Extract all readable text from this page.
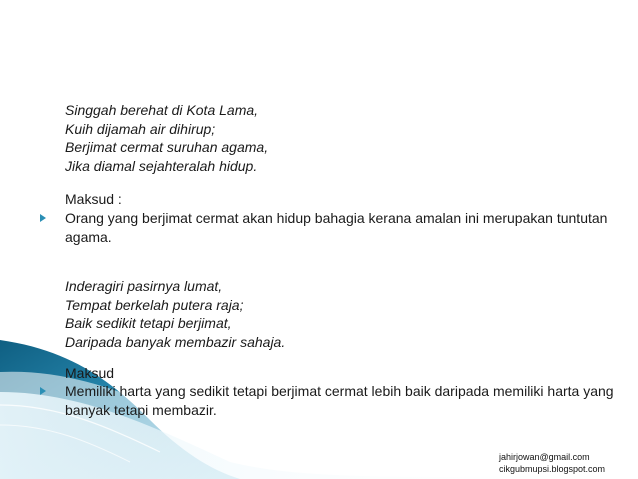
Singgah berehat di Kota Lama,
Kuih dijamah air dihirup;
Berjimat cermat suruhan agama,
Jika diamal sejahteralah hidup.
Maksud :
Orang yang berjimat cermat akan hidup bahagia kerana amalan ini merupakan tuntutan agama.
Inderagiri pasirnya lumat,
Tempat berkelah putera raja;
Baik sedikit tetapi berjimat,
Daripada banyak membazir sahaja.
Maksud
Memiliki harta yang sedikit tetapi berjimat cermat lebih baik daripada memiliki harta yang banyak tetapi membazir.
jahirjowan@gmail.com
cikgubmupsi.blogspot.com
